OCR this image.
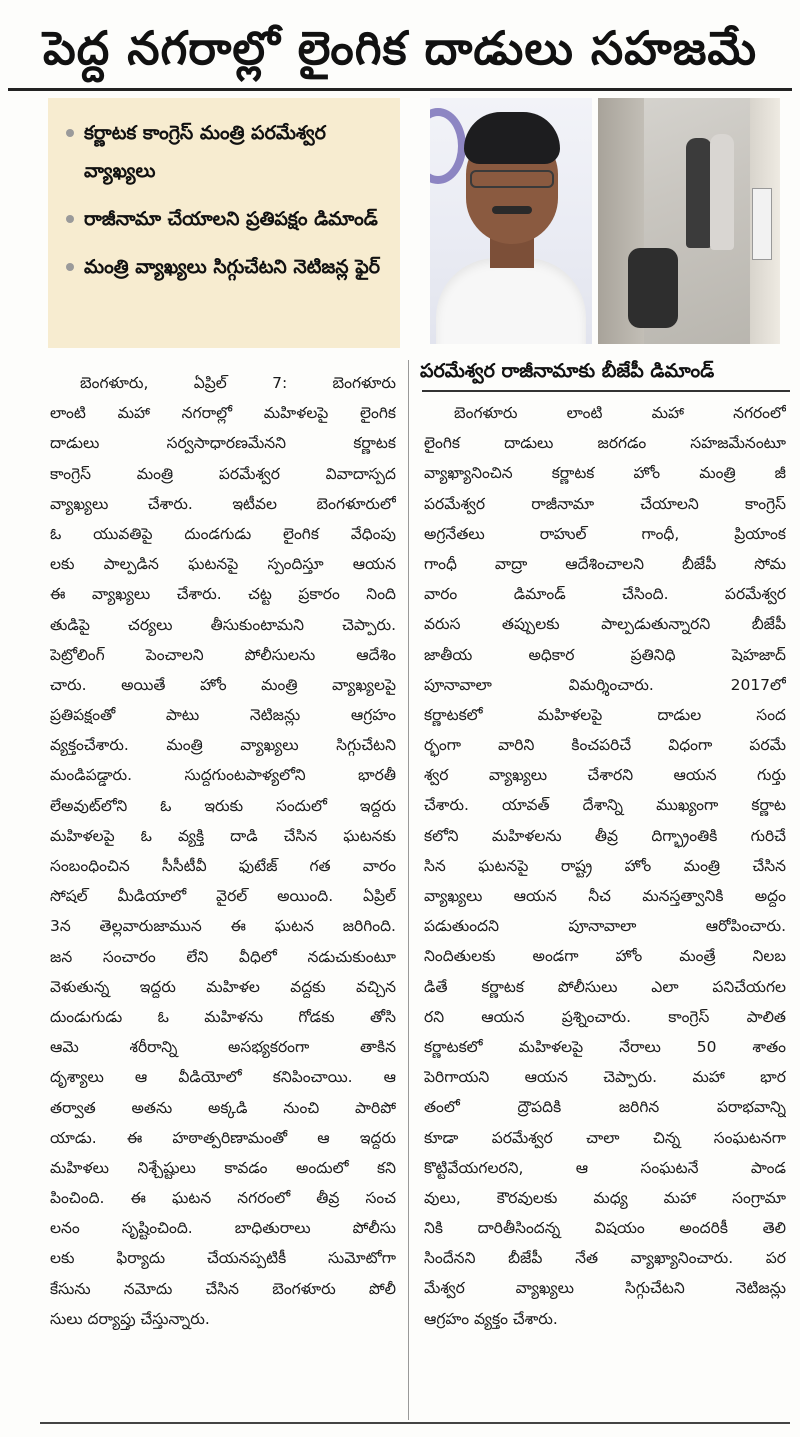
పెద్ద నగరాల్లో లైంగిక దాడులు సహజమే
కర్ణాటక కాంగ్రెస్ మంత్రి పరమేశ్వర వ్యాఖ్యలు
రాజీనామా చేయాలని ప్రతిపక్షం డిమాండ్
మంత్రి వ్యాఖ్యలు సిగ్గుచేటని నెటిజన్ల ఫైర్
పరమేశ్వర రాజీనామాకు బీజేపీ డిమాండ్
బెంగళూరు, ఏప్రిల్ 7: బెంగళూరు
లాంటి మహా నగరాల్లో మహిళలపై లైంగిక
దాడులు సర్వసాధారణమేనని కర్ణాటక
కాంగ్రెస్ మంత్రి పరమేశ్వర వివాదాస్పద
వ్యాఖ్యలు చేశారు. ఇటీవల బెంగళూరులో
ఓ యువతిపై దుండగుడు లైంగిక వేధింపు
లకు పాల్పడిన ఘటనపై స్పందిస్తూ ఆయన
ఈ వ్యాఖ్యలు చేశారు. చట్ట ప్రకారం నింది
తుడిపై చర్యలు తీసుకుంటామని చెప్పారు.
పెట్రోలింగ్ పెంచాలని పోలీసులను ఆదేశిం
చారు. అయితే హోం మంత్రి వ్యాఖ్యలపై
ప్రతిపక్షంతో పాటు నెటిజన్లు ఆగ్రహం
వ్యక్తంచేశారు. మంత్రి వ్యాఖ్యలు సిగ్గుచేటని
మండిపడ్డారు. సుద్దగుంటపాళ్యలోని భారతీ
లేఅవుట్‌లోని ఓ ఇరుకు సందులో ఇద్దరు
మహిళలపై ఓ వ్యక్తి దాడి చేసిన ఘటనకు
సంబంధించిన సీసీటీవీ ఫుటేజ్ గత వారం
సోషల్ మీడియాలో వైరల్ అయింది. ఏప్రిల్
3న తెల్లవారుజామున ఈ ఘటన జరిగింది.
జన సంచారం లేని వీధిలో నడుచుకుంటూ
వెళుతున్న ఇద్దరు మహిళల వద్దకు వచ్చిన
దుండుగుడు ఓ మహిళను గోడకు తోసి
ఆమె శరీరాన్ని అసభ్యకరంగా తాకిన
దృశ్యాలు ఆ వీడియోలో కనిపించాయి. ఆ
తర్వాత అతను అక్కడి నుంచి పారిపో
యాడు. ఈ హఠాత్పరిణామంతో ఆ ఇద్దరు
మహిళలు నిశ్చేష్టులు కావడం అందులో కని
పించింది. ఈ ఘటన నగరంలో తీవ్ర సంచ
లనం సృష్టించింది. బాధితురాలు పోలీసు
లకు ఫిర్యాదు చేయనప్పటికీ సుమోటోగా
కేసును నమోదు చేసిన బెంగళూరు పోలీ
సులు దర్యాప్తు చేస్తున్నారు.
బెంగళూరు లాంటి మహా నగరంలో
లైంగిక దాడులు జరగడం సహజమేనంటూ
వ్యాఖ్యానించిన కర్ణాటక హోం మంత్రి జీ
పరమేశ్వర రాజీనామా చేయాలని కాంగ్రెస్
అగ్రనేతలు రాహుల్ గాంధీ, ప్రియాంక
గాంధీ వాద్రా ఆదేశించాలని బీజేపీ సోమ
వారం డిమాండ్ చేసింది. పరమేశ్వర
వరుస తప్పులకు పాల్పడుతున్నారని బీజేపీ
జాతీయ అధికార ప్రతినిధి షెహజాద్
పూనావాలా విమర్శించారు. 2017లో
కర్ణాటకలో మహిళలపై దాడుల సంద
ర్భంగా వారిని కించపరిచే విధంగా పరమే
శ్వర వ్యాఖ్యలు చేశారని ఆయన గుర్తు
చేశారు. యావత్ దేశాన్ని ముఖ్యంగా కర్ణాట
కలోని మహిళలను తీవ్ర దిగ్భ్రాంతికి గురిచే
సిన ఘటనపై రాష్ట్ర హోం మంత్రి చేసిన
వ్యాఖ్యలు ఆయన నీచ మనస్తత్వానికి అద్దం
పడుతుందని పూనావాలా ఆరోపించారు.
నిందితులకు అండగా హోం మంత్రే నిలబ
డితే కర్ణాటక పోలీసులు ఎలా పనిచేయగల
రని ఆయన ప్రశ్నించారు. కాంగ్రెస్ పాలిత
కర్ణాటకలో మహిళలపై నేరాలు 50 శాతం
పెరిగాయని ఆయన చెప్పారు. మహా భార
తంలో ద్రౌపదికి జరిగిన పరాభవాన్ని
కూడా పరమేశ్వర చాలా చిన్న సంఘటనగా
కొట్టివేయగలరని, ఆ సంఘటనే పాండ
వులు, కౌరవులకు మధ్య మహా సంగ్రామా
నికి దారితీసిందన్న విషయం అందరికీ తెలి
సిందేనని బీజేపీ నేత వ్యాఖ్యానించారు. పర
మేశ్వర వ్యాఖ్యలు సిగ్గుచేటని నెటిజన్లు
ఆగ్రహం వ్యక్తం చేశారు.
